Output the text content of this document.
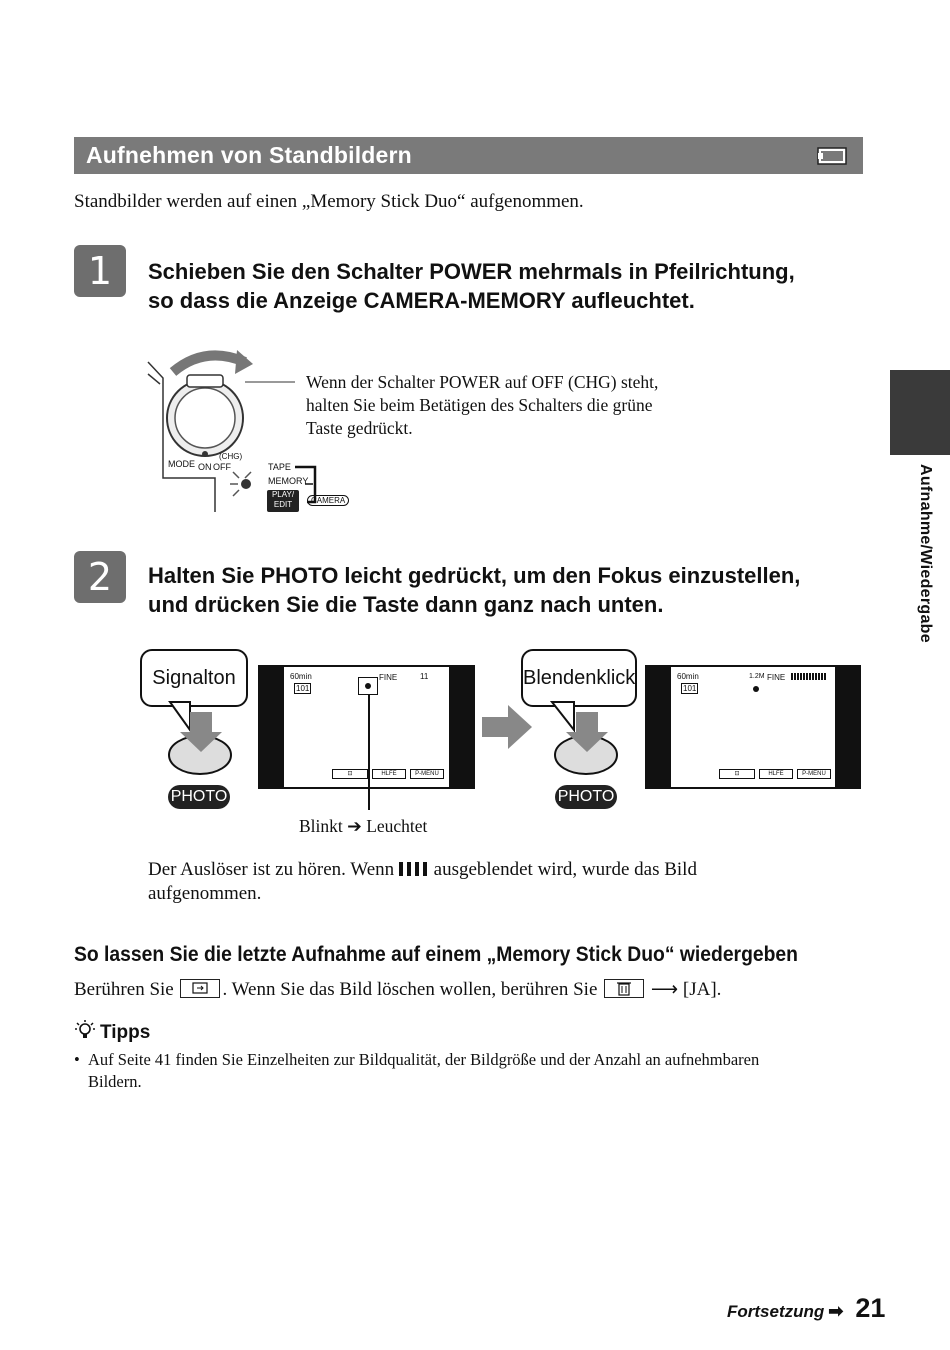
Aufnehmen von Standbildern
Standbilder werden auf einen „Memory Stick Duo“ aufgenommen.
1	Schieben Sie den Schalter POWER mehrmals in Pfeilrichtung,
so dass die Anzeige CAMERA-MEMORY aufleuchtet.
MODE ON OFF
(CHG)
TAPE
MEMORY
PLAY/
EDIT	CAMERA
Wenn der Schalter POWER auf OFF (CHG) steht,
halten Sie beim Betätigen des Schalters die grüne
Taste gedrückt.
Aufnahme/Wiedergabe
2	Halten Sie PHOTO leicht gedrückt, um den Fokus einzustellen,
und drücken Sie die Taste dann ganz nach unten.
Signalton
PHOTO
60min
101
FINE	11
⊡	HLFE	P-MENU
Blinkt ➔ Leuchtet
Blendenklick
PHOTO
60min
101
1.2M FINE
⊡	HLFE	P-MENU
Der Auslöser ist zu hören. Wenn ausgeblendet wird, wurde das Bild
aufgenommen.
So lassen Sie die letzte Aufnahme auf einem „Memory Stick Duo“ wiedergeben
Berühren Sie	. Wenn Sie das Bild löschen wollen, berühren Sie	⟶ [JA].
Tipps
• Auf Seite 41 finden Sie Einzelheiten zur Bildqualität, der Bildgröße und der Anzahl an aufnehmbaren
Bildern.
Fortsetzung ➡ 21
